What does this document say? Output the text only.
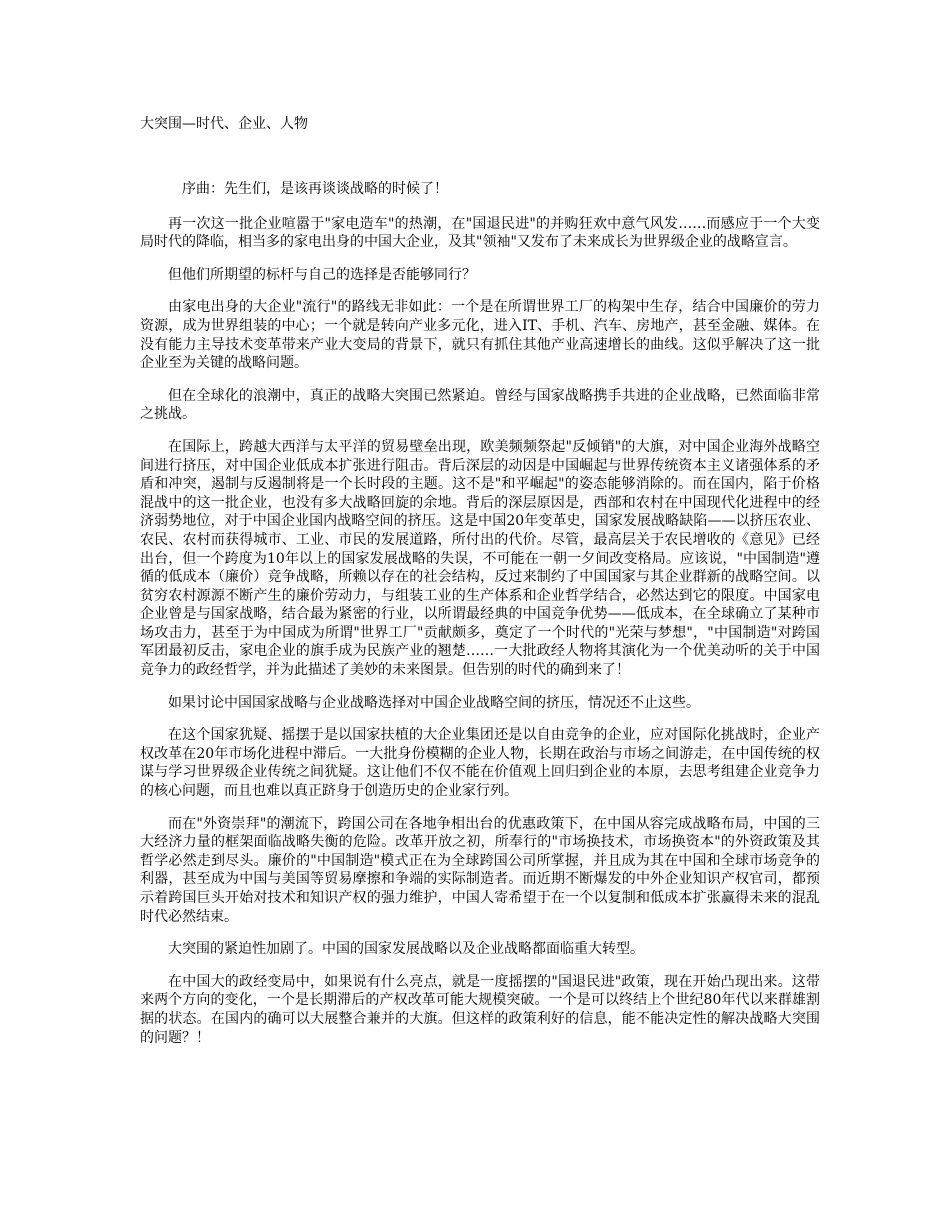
大突围—时代、企业、人物

序曲：先生们，是该再谈谈战略的时候了！

再一次这一批企业喧嚣于"家电造车"的热潮，在"国退民进"的并购狂欢中意气风发……而感应于一个大变局时代的降临，相当多的家电出身的中国大企业，及其"领袖"又发布了未来成长为世界级企业的战略宣言。

但他们所期望的标杆与自己的选择是否能够同行？

由家电出身的大企业"流行"的路线无非如此：一个是在所谓世界工厂的构架中生存，结合中国廉价的劳力资源，成为世界组装的中心；一个就是转向产业多元化，进入IT、手机、汽车、房地产，甚至金融、媒体。在没有能力主导技术变革带来产业大变局的背景下，就只有抓住其他产业高速增长的曲线。这似乎解决了这一批企业至为关键的战略问题。

但在全球化的浪潮中，真正的战略大突围已然紧迫。曾经与国家战略携手共进的企业战略，已然面临非常之挑战。

在国际上，跨越大西洋与太平洋的贸易壁垒出现，欧美频频祭起"反倾销"的大旗，对中国企业海外战略空间进行挤压，对中国企业低成本扩张进行阻击。背后深层的动因是中国崛起与世界传统资本主义诸强体系的矛盾和冲突，遏制与反遏制将是一个长时段的主题。这不是"和平崛起"的姿态能够消除的。而在国内，陷于价格混战中的这一批企业，也没有多大战略回旋的余地。背后的深层原因是，西部和农村在中国现代化进程中的经济弱势地位，对于中国企业国内战略空间的挤压。这是中国20年变革史，国家发展战略缺陷——以挤压农业、农民、农村而获得城市、工业、市民的发展道路，所付出的代价。尽管，最高层关于农民增收的《意见》已经出台，但一个跨度为10年以上的国家发展战略的失误，不可能在一朝一夕间改变格局。应该说，"中国制造"遵循的低成本（廉价）竞争战略，所赖以存在的社会结构，反过来制约了中国国家与其企业群新的战略空间。以贫穷农村源源不断产生的廉价劳动力，与组装工业的生产体系和企业哲学结合，必然达到它的限度。中国家电企业曾是与国家战略，结合最为紧密的行业，以所谓最经典的中国竞争优势——低成本，在全球确立了某种市场攻击力，甚至于为中国成为所谓"世界工厂"贡献颇多，奠定了一个时代的"光荣与梦想"，"中国制造"对跨国军团最初反击，家电企业的旗手成为民族产业的翘楚……一大批政经人物将其演化为一个优美动听的关于中国竞争力的政经哲学，并为此描述了美妙的未来图景。但告别的时代的确到来了！

如果讨论中国国家战略与企业战略选择对中国企业战略空间的挤压，情况还不止这些。

在这个国家犹疑、摇摆于是以国家扶植的大企业集团还是以自由竞争的企业，应对国际化挑战时，企业产权改革在20年市场化进程中滞后。一大批身份模糊的企业人物，长期在政治与市场之间游走，在中国传统的权谋与学习世界级企业传统之间犹疑。这让他们不仅不能在价值观上回归到企业的本原，去思考组建企业竞争力的核心问题，而且也难以真正跻身于创造历史的企业家行列。

而在"外资崇拜"的潮流下，跨国公司在各地争相出台的优惠政策下，在中国从容完成战略布局，中国的三大经济力量的框架面临战略失衡的危险。改革开放之初，所奉行的"市场换技术，市场换资本"的外资政策及其哲学必然走到尽头。廉价的"中国制造"模式正在为全球跨国公司所掌握，并且成为其在中国和全球市场竞争的利器，甚至成为中国与美国等贸易摩擦和争端的实际制造者。而近期不断爆发的中外企业知识产权官司，都预示着跨国巨头开始对技术和知识产权的强力维护，中国人寄希望于在一个以复制和低成本扩张赢得未来的混乱时代必然结束。

大突围的紧迫性加剧了。中国的国家发展战略以及企业战略都面临重大转型。

在中国大的政经变局中，如果说有什么亮点，就是一度摇摆的"国退民进"政策，现在开始凸现出来。这带来两个方向的变化，一个是长期滞后的产权改革可能大规模突破。一个是可以终结上个世纪80年代以来群雄割据的状态。在国内的确可以大展整合兼并的大旗。但这样的政策利好的信息，能不能决定性的解决战略大突围的问题？！
